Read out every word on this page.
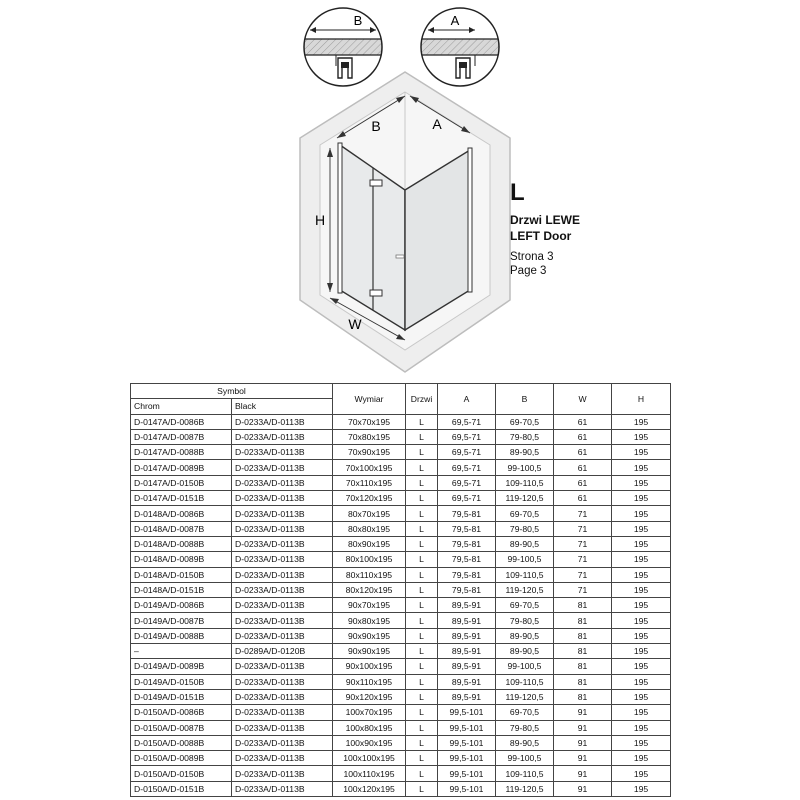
B	A
B	A
H
W
L
Drzwi LEWE
LEFT Door
Strona 3
Page 3
Symbol		Wymiar	Drzwi	A	B	W	H
Chrom	Black						
D-0147A/D-0086B	D-0233A/D-0113B	70x70x195	L	69,5-71	69-70,5	61	195
D-0147A/D-0087B	D-0233A/D-0113B	70x80x195	L	69,5-71	79-80,5	61	195
D-0147A/D-0088B	D-0233A/D-0113B	70x90x195	L	69,5-71	89-90,5	61	195
D-0147A/D-0089B	D-0233A/D-0113B	70x100x195	L	69,5-71	99-100,5	61	195
D-0147A/D-0150B	D-0233A/D-0113B	70x110x195	L	69,5-71	109-110,5	61	195
D-0147A/D-0151B	D-0233A/D-0113B	70x120x195	L	69,5-71	119-120,5	61	195
D-0148A/D-0086B	D-0233A/D-0113B	80x70x195	L	79,5-81	69-70,5	71	195
D-0148A/D-0087B	D-0233A/D-0113B	80x80x195	L	79,5-81	79-80,5	71	195
D-0148A/D-0088B	D-0233A/D-0113B	80x90x195	L	79,5-81	89-90,5	71	195
D-0148A/D-0089B	D-0233A/D-0113B	80x100x195	L	79,5-81	99-100,5	71	195
D-0148A/D-0150B	D-0233A/D-0113B	80x110x195	L	79,5-81	109-110,5	71	195
D-0148A/D-0151B	D-0233A/D-0113B	80x120x195	L	79,5-81	119-120,5	71	195
D-0149A/D-0086B	D-0233A/D-0113B	90x70x195	L	89,5-91	69-70,5	81	195
D-0149A/D-0087B	D-0233A/D-0113B	90x80x195	L	89,5-91	79-80,5	81	195
D-0149A/D-0088B	D-0233A/D-0113B	90x90x195	L	89,5-91	89-90,5	81	195
–	D-0289A/D-0120B	90x90x195	L	89,5-91	89-90,5	81	195
D-0149A/D-0089B	D-0233A/D-0113B	90x100x195	L	89,5-91	99-100,5	81	195
D-0149A/D-0150B	D-0233A/D-0113B	90x110x195	L	89,5-91	109-110,5	81	195
D-0149A/D-0151B	D-0233A/D-0113B	90x120x195	L	89,5-91	119-120,5	81	195
D-0150A/D-0086B	D-0233A/D-0113B	100x70x195	L	99,5-101	69-70,5	91	195
D-0150A/D-0087B	D-0233A/D-0113B	100x80x195	L	99,5-101	79-80,5	91	195
D-0150A/D-0088B	D-0233A/D-0113B	100x90x195	L	99,5-101	89-90,5	91	195
D-0150A/D-0089B	D-0233A/D-0113B	100x100x195	L	99,5-101	99-100,5	91	195
D-0150A/D-0150B	D-0233A/D-0113B	100x110x195	L	99,5-101	109-110,5	91	195
D-0150A/D-0151B	D-0233A/D-0113B	100x120x195	L	99,5-101	119-120,5	91	195
